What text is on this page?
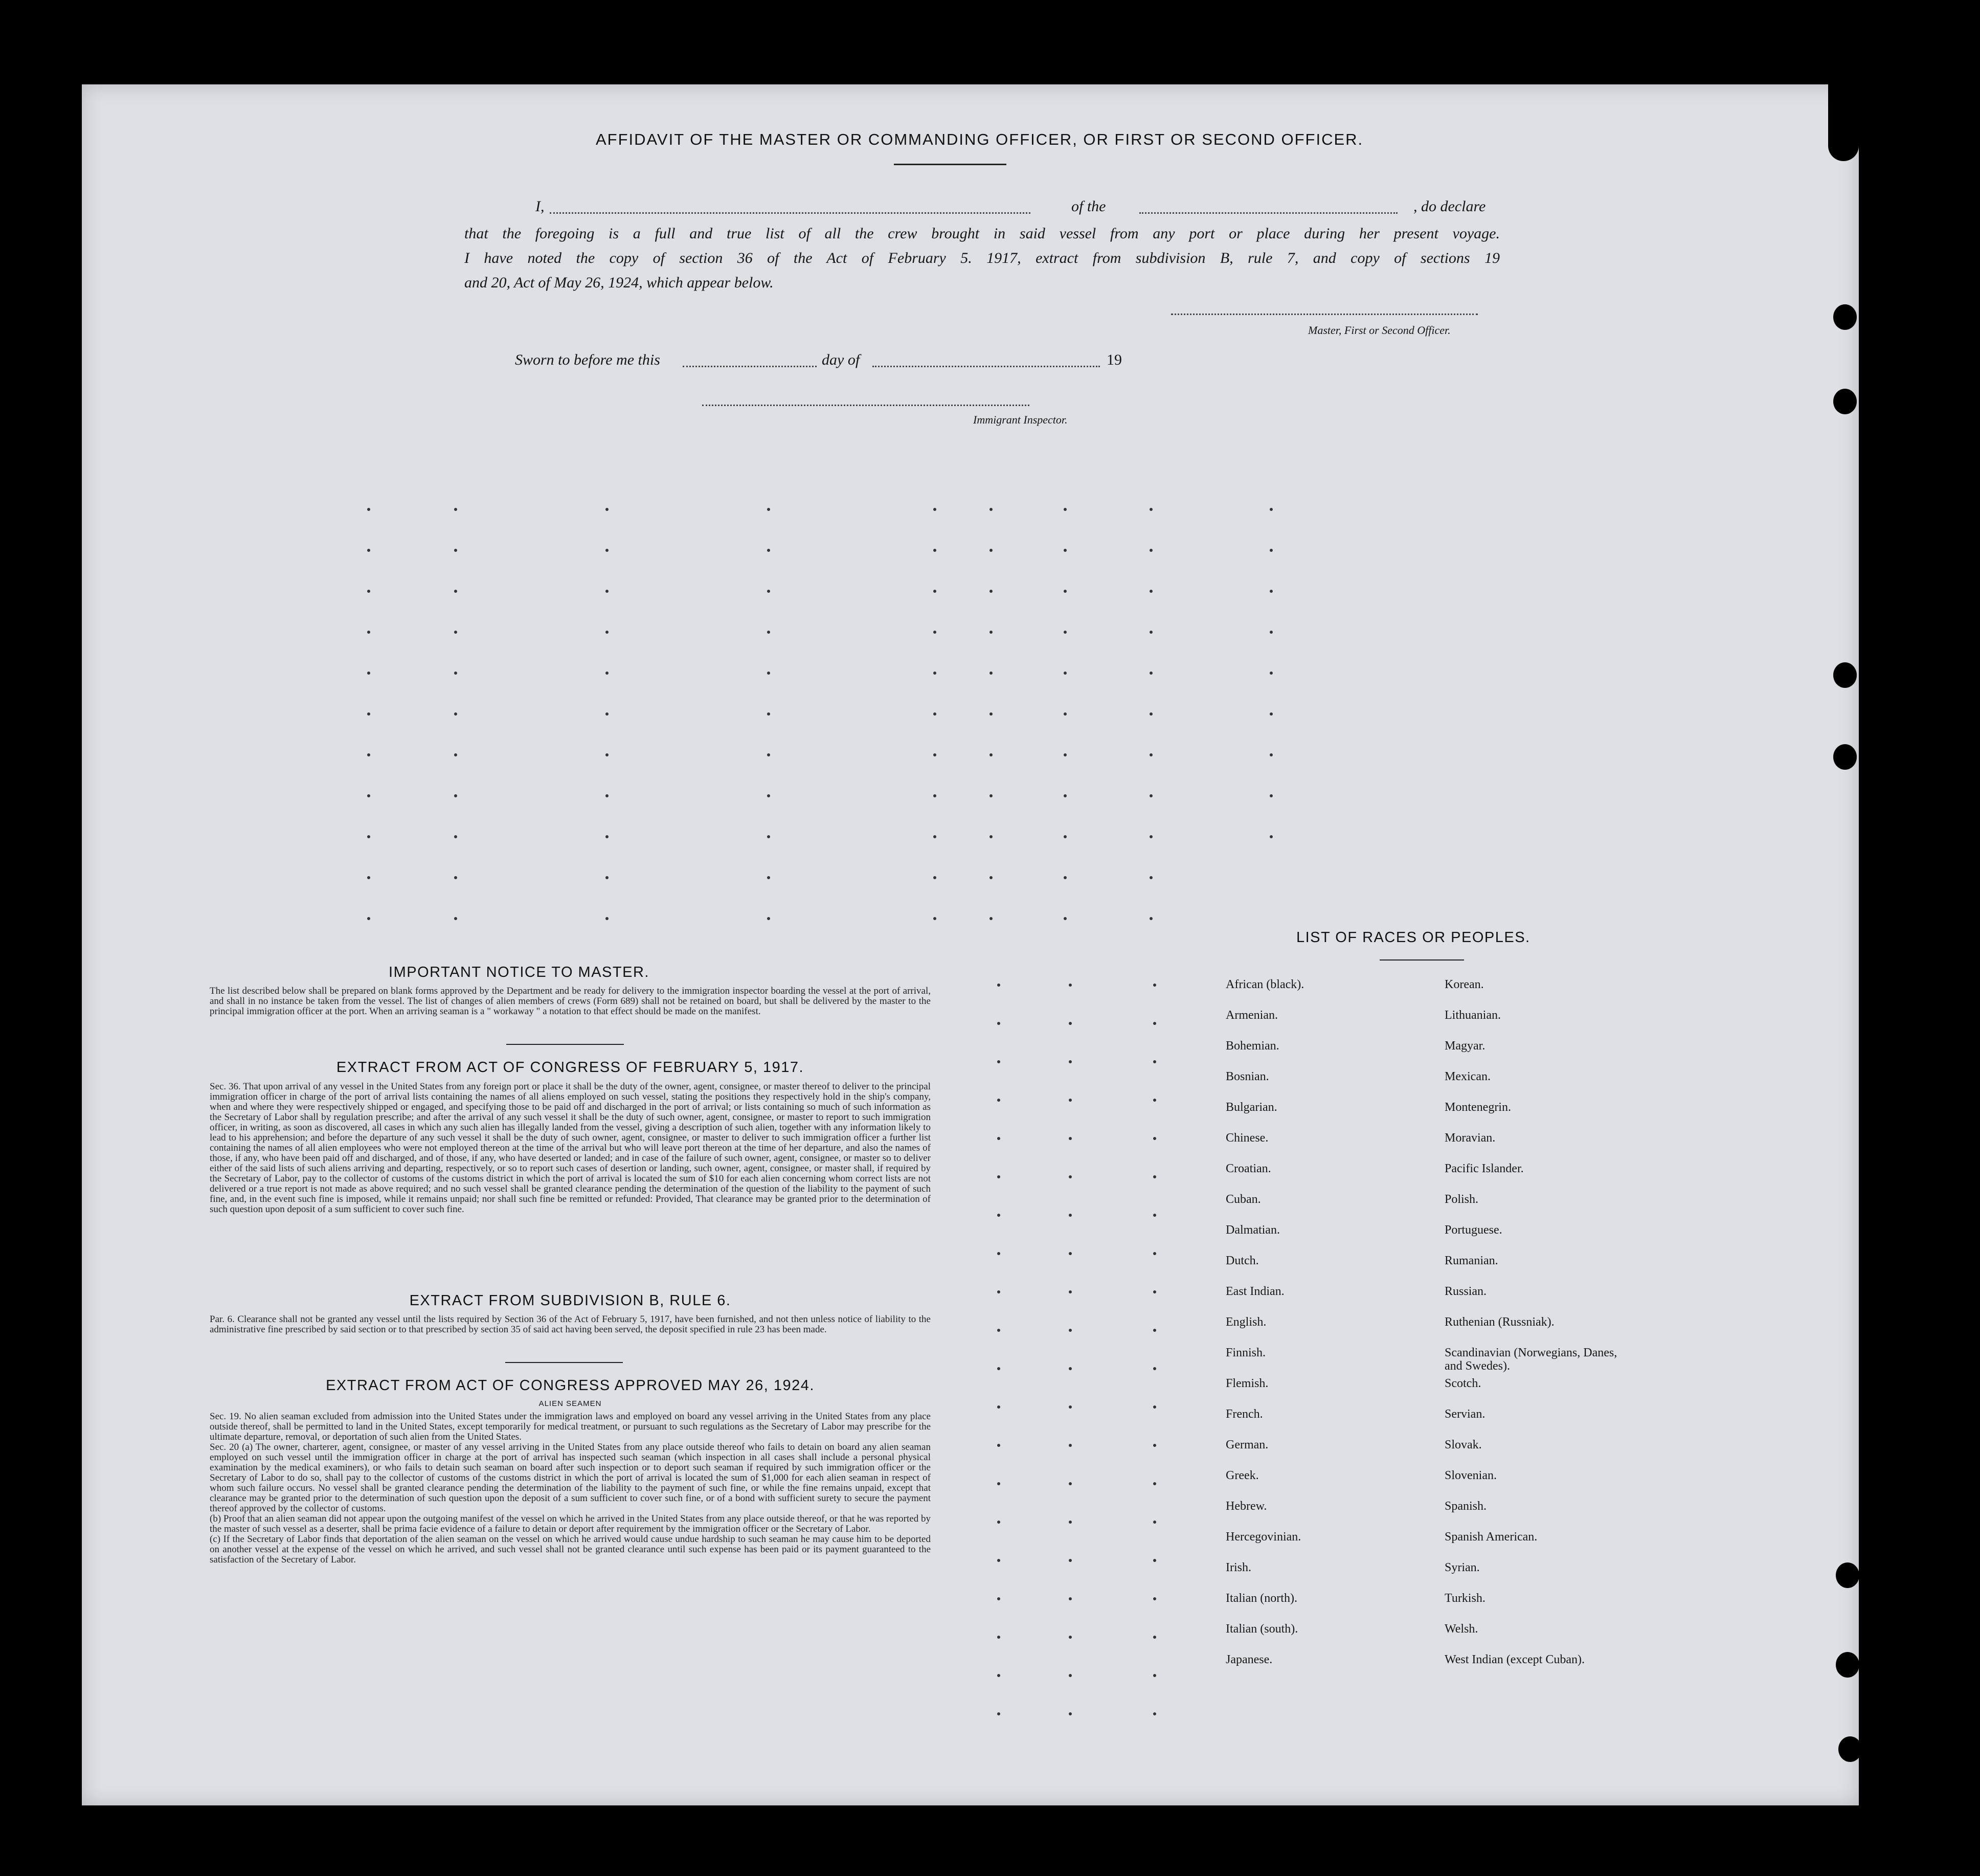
AFFIDAVIT OF THE MASTER OR COMMANDING OFFICER, OR FIRST OR SECOND OFFICER.
I,	of the	, do declare
that the foregoing is a full and true list of all the crew brought in said vessel from any port or place during her present voyage.
I have noted the copy of section 36 of the Act of February 5. 1917, extract from subdivision B, rule 7, and copy of sections 19
and 20, Act of May 26, 1924, which appear below.
Master, First or Second Officer.
Sworn to before me this	day of	19
Immigrant Inspector.
IMPORTANT NOTICE TO MASTER.
The list described below shall be prepared on blank forms approved by the Department and be ready for delivery to the immigration inspector boarding the vessel at the port of arrival, and shall in no instance be taken from the vessel. The list of changes of alien members of crews (Form 689) shall not be retained on board, but shall be delivered by the master to the principal immigration officer at the port. When an arriving seaman is a " workaway " a notation to that effect should be made on the manifest.
EXTRACT FROM ACT OF CONGRESS OF FEBRUARY 5, 1917.
Sec. 36. That upon arrival of any vessel in the United States from any foreign port or place it shall be the duty of the owner, agent, consignee, or master thereof to deliver to the principal immigration officer in charge of the port of arrival lists containing the names of all aliens employed on such vessel, stating the positions they respectively hold in the ship's company, when and where they were respectively shipped or engaged, and specifying those to be paid off and discharged in the port of arrival; or lists containing so much of such information as the Secretary of Labor shall by regulation prescribe; and after the arrival of any such vessel it shall be the duty of such owner, agent, consignee, or master to report to such immigration officer, in writing, as soon as discovered, all cases in which any such alien has illegally landed from the vessel, giving a description of such alien, together with any information likely to lead to his apprehension; and before the departure of any such vessel it shall be the duty of such owner, agent, consignee, or master to deliver to such immigration officer a further list containing the names of all alien employees who were not employed thereon at the time of the arrival but who will leave port thereon at the time of her departure, and also the names of those, if any, who have been paid off and discharged, and of those, if any, who have deserted or landed; and in case of the failure of such owner, agent, consignee, or master so to deliver either of the said lists of such aliens arriving and departing, respectively, or so to report such cases of desertion or landing, such owner, agent, consignee, or master shall, if required by the Secretary of Labor, pay to the collector of customs of the customs district in which the port of arrival is located the sum of $10 for each alien concerning whom correct lists are not delivered or a true report is not made as above required; and no such vessel shall be granted clearance pending the determination of the question of the liability to the payment of such fine, and, in the event such fine is imposed, while it remains unpaid; nor shall such fine be remitted or refunded: Provided, That clearance may be granted prior to the determination of such question upon deposit of a sum sufficient to cover such fine.
EXTRACT FROM SUBDIVISION B, RULE 6.
Par. 6. Clearance shall not be granted any vessel until the lists required by Section 36 of the Act of February 5, 1917, have been furnished, and not then unless notice of liability to the administrative fine prescribed by said section or to that prescribed by section 35 of said act having been served, the deposit specified in rule 23 has been made.
EXTRACT FROM ACT OF CONGRESS APPROVED MAY 26, 1924.
ALIEN SEAMEN
Sec. 19. No alien seaman excluded from admission into the United States under the immigration laws and employed on board any vessel arriving in the United States from any place outside thereof, shall be permitted to land in the United States, except temporarily for medical treatment, or pursuant to such regulations as the Secretary of Labor may prescribe for the ultimate departure, removal, or deportation of such alien from the United States.
Sec. 20 (a) The owner, charterer, agent, consignee, or master of any vessel arriving in the United States from any place outside thereof who fails to detain on board any alien seaman employed on such vessel until the immigration officer in charge at the port of arrival has inspected such seaman (which inspection in all cases shall include a personal physical examination by the medical examiners), or who fails to detain such seaman on board after such inspection or to deport such seaman if required by such immigration officer or the Secretary of Labor to do so, shall pay to the collector of customs of the customs district in which the port of arrival is located the sum of $1,000 for each alien seaman in respect of whom such failure occurs. No vessel shall be granted clearance pending the determination of the liability to the payment of such fine, or while the fine remains unpaid, except that clearance may be granted prior to the determination of such question upon the deposit of a sum sufficient to cover such fine, or of a bond with sufficient surety to secure the payment thereof approved by the collector of customs.
(b) Proof that an alien seaman did not appear upon the outgoing manifest of the vessel on which he arrived in the United States from any place outside thereof, or that he was reported by the master of such vessel as a deserter, shall be prima facie evidence of a failure to detain or deport after requirement by the immigration officer or the Secretary of Labor.
(c) If the Secretary of Labor finds that deportation of the alien seaman on the vessel on which he arrived would cause undue hardship to such seaman he may cause him to be deported on another vessel at the expense of the vessel on which he arrived, and such vessel shall not be granted clearance until such expense has been paid or its payment guaranteed to the satisfaction of the Secretary of Labor.
LIST OF RACES OR PEOPLES.
African (black).
Armenian.
Bohemian.
Bosnian.
Bulgarian.
Chinese.
Croatian.
Cuban.
Dalmatian.
Dutch.
East Indian.
English.
Finnish.
Flemish.
French.
German.
Greek.
Hebrew.
Hercegovinian.
Irish.
Italian (north).
Italian (south).
Japanese.
Korean.
Lithuanian.
Magyar.
Mexican.
Montenegrin.
Moravian.
Pacific Islander.
Polish.
Portuguese.
Rumanian.
Russian.
Ruthenian (Russniak).
Scandinavian (Norwegians, Danes, and Swedes).
Scotch.
Servian.
Slovak.
Slovenian.
Spanish.
Spanish American.
Syrian.
Turkish.
Welsh.
West Indian (except Cuban).
